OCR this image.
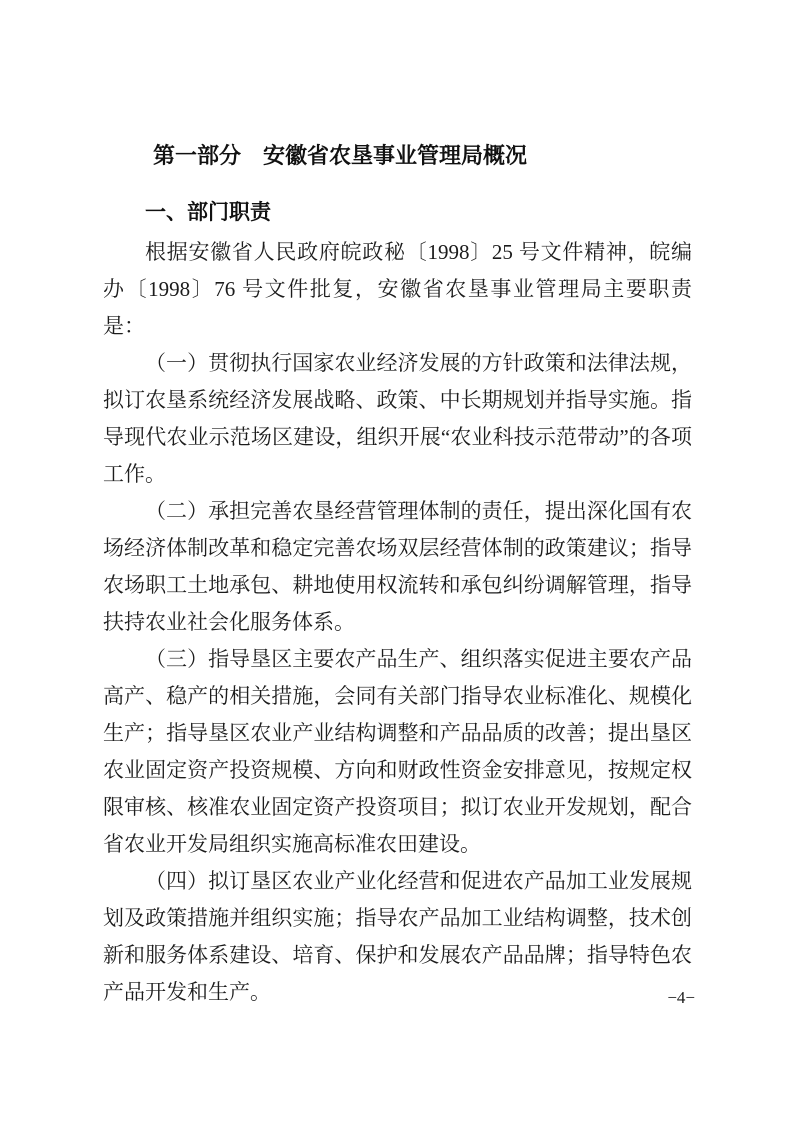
第一部分　安徽省农垦事业管理局概况
一、部门职责

根据安徽省人民政府皖政秘〔1998〕25 号文件精神，皖编办〔1998〕76 号文件批复，安徽省农垦事业管理局主要职责是：

（一）贯彻执行国家农业经济发展的方针政策和法律法规，拟订农垦系统经济发展战略、政策、中长期规划并指导实施。指导现代农业示范场区建设，组织开展“农业科技示范带动”的各项工作。

（二）承担完善农垦经营管理体制的责任，提出深化国有农场经济体制改革和稳定完善农场双层经营体制的政策建议；指导农场职工土地承包、耕地使用权流转和承包纠纷调解管理，指导扶持农业社会化服务体系。

（三）指导垦区主要农产品生产、组织落实促进主要农产品高产、稳产的相关措施，会同有关部门指导农业标准化、规模化生产；指导垦区农业产业结构调整和产品品质的改善；提出垦区农业固定资产投资规模、方向和财政性资金安排意见，按规定权限审核、核准农业固定资产投资项目；拟订农业开发规划，配合省农业开发局组织实施高标准农田建设。

（四）拟订垦区农业产业化经营和促进农产品加工业发展规划及政策措施并组织实施；指导农产品加工业结构调整，技术创新和服务体系建设、培育、保护和发展农产品品牌；指导特色农产品开发和生产。	−4−
